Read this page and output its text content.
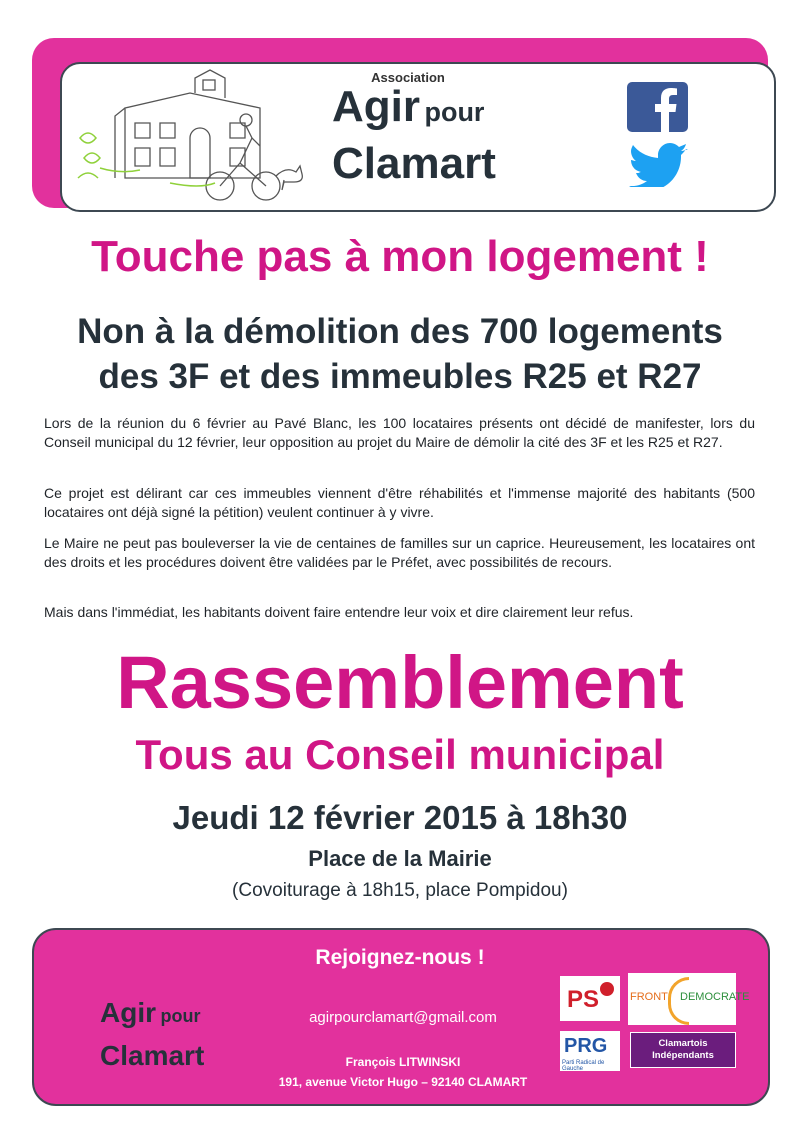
Association
Agir pour
Clamart
Touche pas à mon logement !
Non à la démolition des 700 logements
des 3F et des immeubles R25 et R27
Lors de la réunion du 6 février au Pavé Blanc, les 100 locataires présents ont décidé de manifester, lors du Conseil municipal du 12 février, leur opposition au projet du Maire de démolir la cité des 3F et les R25 et R27.
Ce projet est délirant car ces immeubles viennent d'être réhabilités et l'immense majorité des habitants (500 locataires ont déjà signé la pétition) veulent continuer à y vivre.
Le Maire ne peut pas bouleverser la vie de centaines de familles sur un caprice. Heureusement, les locataires ont des droits et les procédures doivent être validées par le Préfet, avec possibilités de recours.
Mais dans l'immédiat, les habitants doivent faire entendre leur voix et dire clairement leur refus.
Rassemblement
Tous au Conseil municipal
Jeudi 12 février 2015 à 18h30
Place de la Mairie
(Covoiturage à 18h15, place Pompidou)
Rejoignez-nous !
Agir pour
Clamart
agirpourclamart@gmail.com
François LITWINSKI
191, avenue Victor Hugo – 92140 CLAMART
PS	FRONT DEMOCRATE
PRG
Parti Radical de Gauche
Clamartois
Indépendants
